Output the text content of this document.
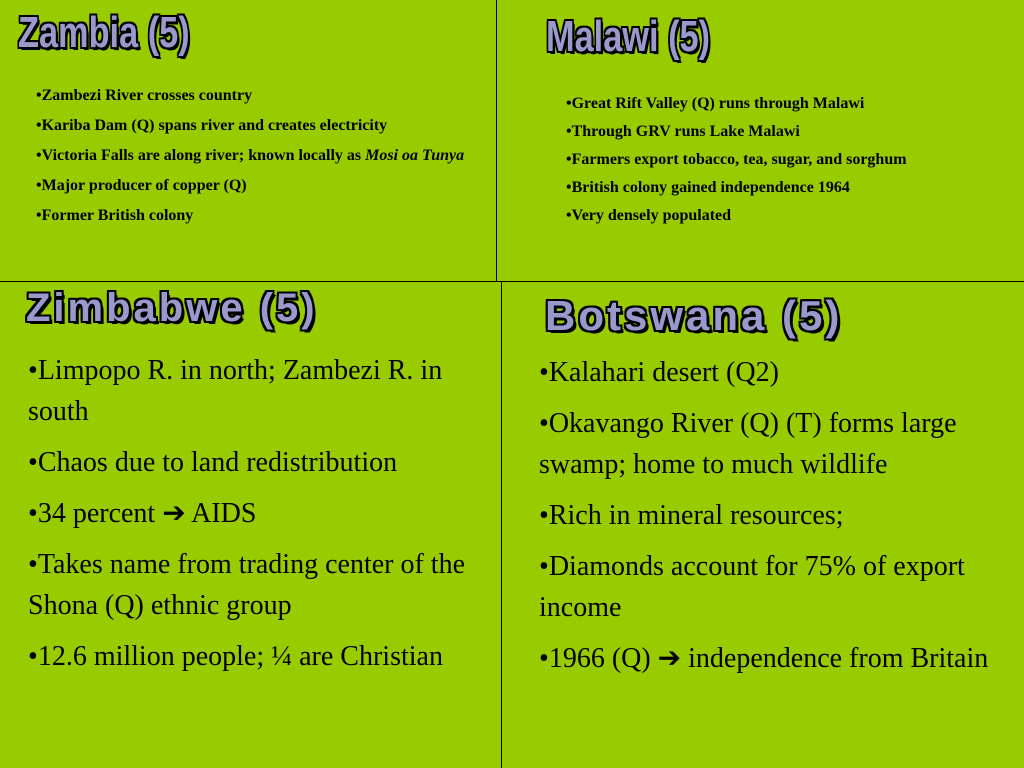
Zambia (5)
•Zambezi River crosses country
•Kariba Dam (Q) spans river and creates electricity
•Victoria Falls are along river; known locally as Mosi oa Tunya
•Major producer of copper (Q)
•Former British colony
Malawi (5)
•Great Rift Valley (Q) runs through Malawi
•Through GRV runs Lake Malawi
•Farmers export tobacco, tea, sugar, and sorghum
•British colony gained independence 1964
•Very densely populated
Zimbabwe (5)
•Limpopo R. in north; Zambezi R. in south
•Chaos due to land redistribution
•34 percent ➔ AIDS
•Takes name from trading center of the Shona (Q) ethnic group
•12.6 million people; ¼ are Christian
Botswana (5)
•Kalahari desert (Q2)
•Okavango River (Q) (T) forms large swamp; home to much wildlife
•Rich in mineral resources;
•Diamonds account for 75% of export income
•1966 (Q) ➔ independence from Britain
